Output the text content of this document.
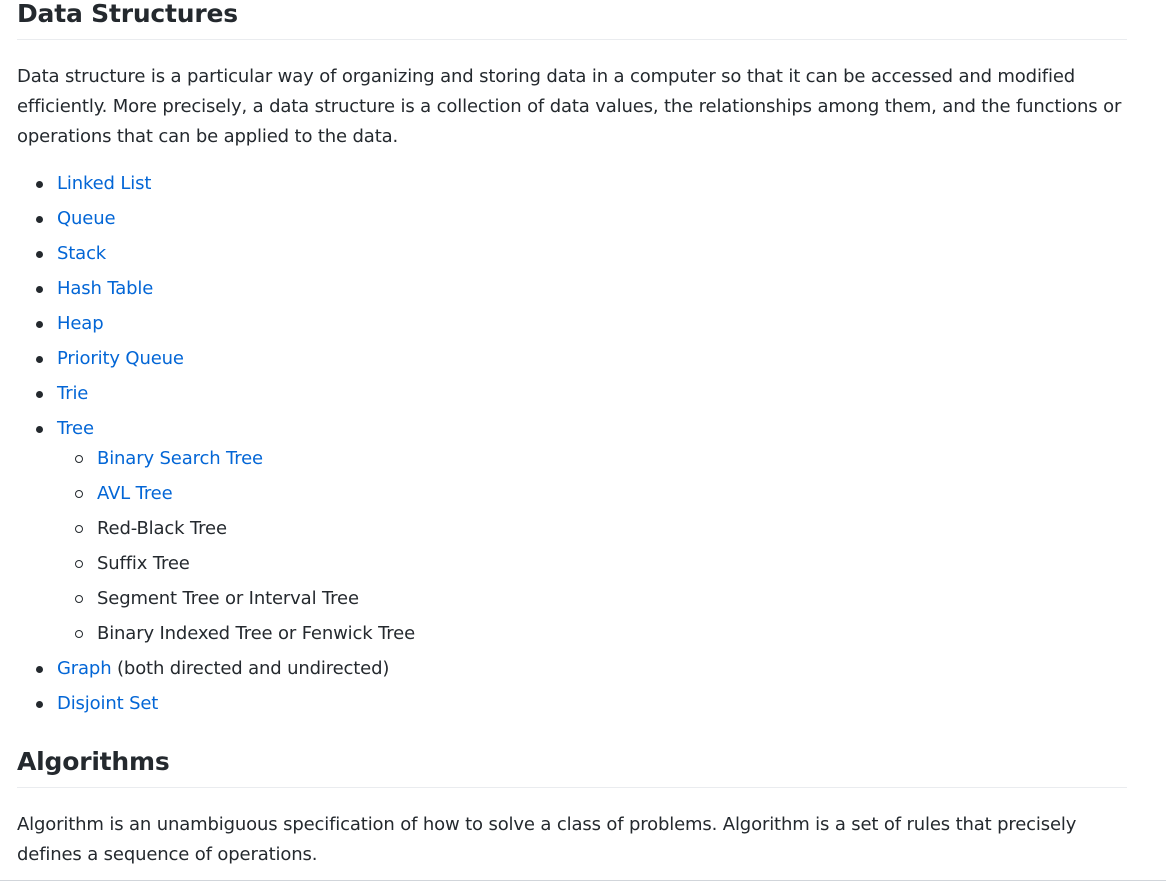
Data Structures

Data structure is a particular way of organizing and storing data in a computer so that it can be accessed and modified efficiently. More precisely, a data structure is a collection of data values, the relationships among them, and the functions or operations that can be applied to the data.

Linked List
Queue
Stack
Hash Table
Heap
Priority Queue
Trie
Tree
Binary Search Tree
AVL Tree
Red-Black Tree
Suffix Tree
Segment Tree or Interval Tree
Binary Indexed Tree or Fenwick Tree
Graph (both directed and undirected)
Disjoint Set
Algorithms

Algorithm is an unambiguous specification of how to solve a class of problems. Algorithm is a set of rules that precisely defines a sequence of operations.
